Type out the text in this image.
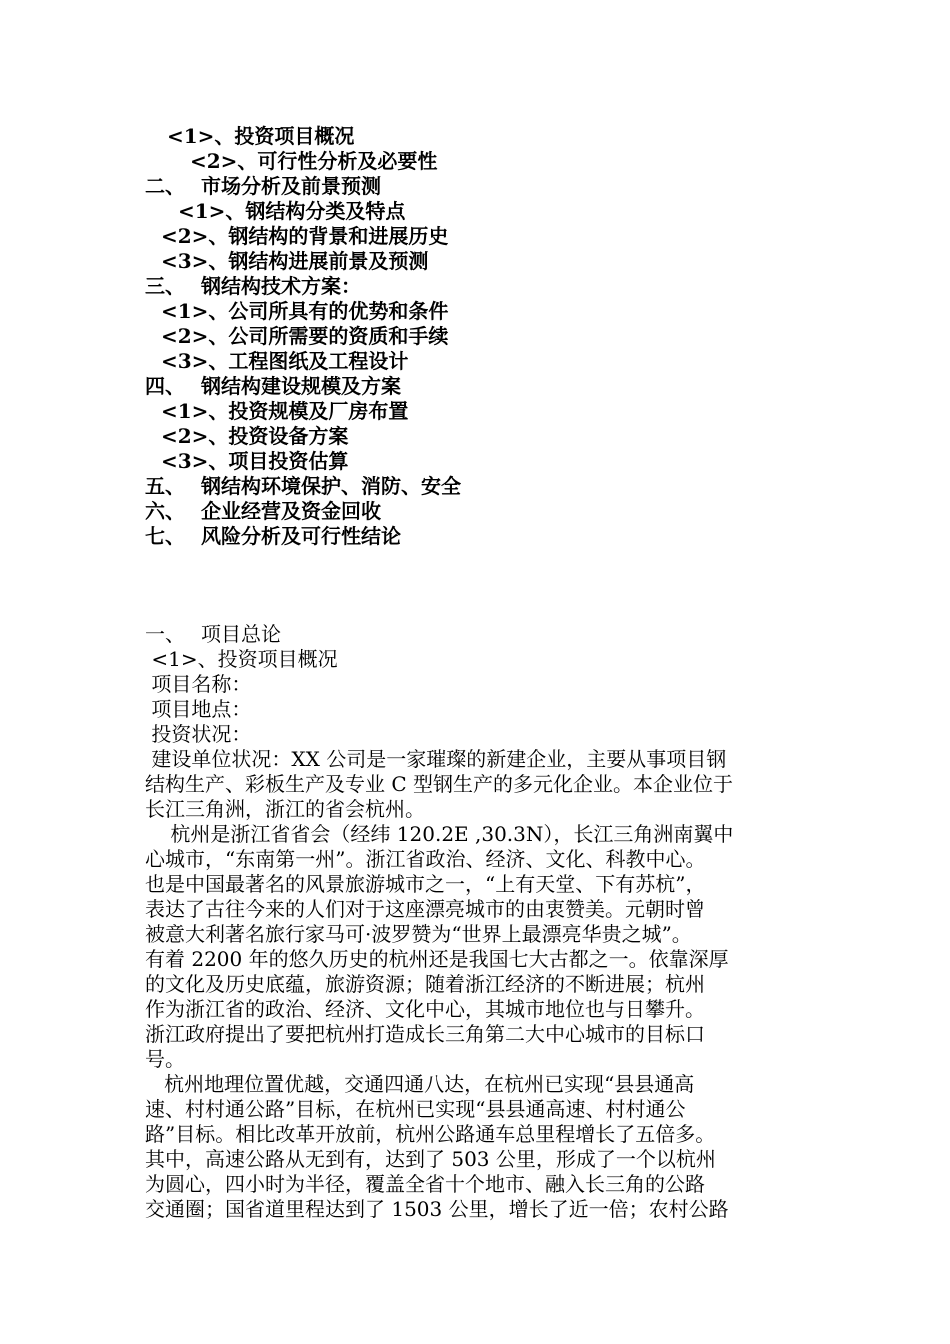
<1>、投资项目概况
<2>、可行性分析及必要性
二、 市场分析及前景预测
<1>、钢结构分类及特点
<2>、钢结构的背景和进展历史
<3>、钢结构进展前景及预测
三、 钢结构技术方案：
<1>、公司所具有的优势和条件
<2>、公司所需要的资质和手续
<3>、工程图纸及工程设计
四、 钢结构建设规模及方案
<1>、投资规模及厂房布置
<2>、投资设备方案
<3>、项目投资估算
五、 钢结构环境保护、消防、安全
六、 企业经营及资金回收
七、 风险分析及可行性结论
一、 项目总论
<1>、投资项目概况
项目名称：
项目地点：
投资状况：
建设单位状况：XX 公司是一家璀璨的新建企业，主要从事项目钢
结构生产、彩板生产及专业 C 型钢生产的多元化企业。本企业位于
长江三角洲，浙江的省会杭州。
杭州是浙江省省会（经纬 120.2E ,30.3N），长江三角洲南翼中
心城市，“东南第一州”。浙江省政治、经济、文化、科教中心。
也是中国最著名的风景旅游城市之一，“上有天堂、下有苏杭”，
表达了古往今来的人们对于这座漂亮城市的由衷赞美。元朝时曾
被意大利著名旅行家马可·波罗赞为“世界上最漂亮华贵之城”。
有着 2200 年的悠久历史的杭州还是我国七大古都之一。依靠深厚
的文化及历史底蕴，旅游资源；随着浙江经济的不断进展；杭州
作为浙江省的政治、经济、文化中心，其城市地位也与日攀升。
浙江政府提出了要把杭州打造成长三角第二大中心城市的目标口
号。
杭州地理位置优越，交通四通八达，在杭州已实现“县县通高
速、村村通公路”目标，在杭州已实现“县县通高速、村村通公
路”目标。相比改革开放前，杭州公路通车总里程增长了五倍多。
其中，高速公路从无到有，达到了 503 公里，形成了一个以杭州
为圆心，四小时为半径，覆盖全省十个地市、融入长三角的公路
交通圈；国省道里程达到了 1503 公里，增长了近一倍；农村公路
